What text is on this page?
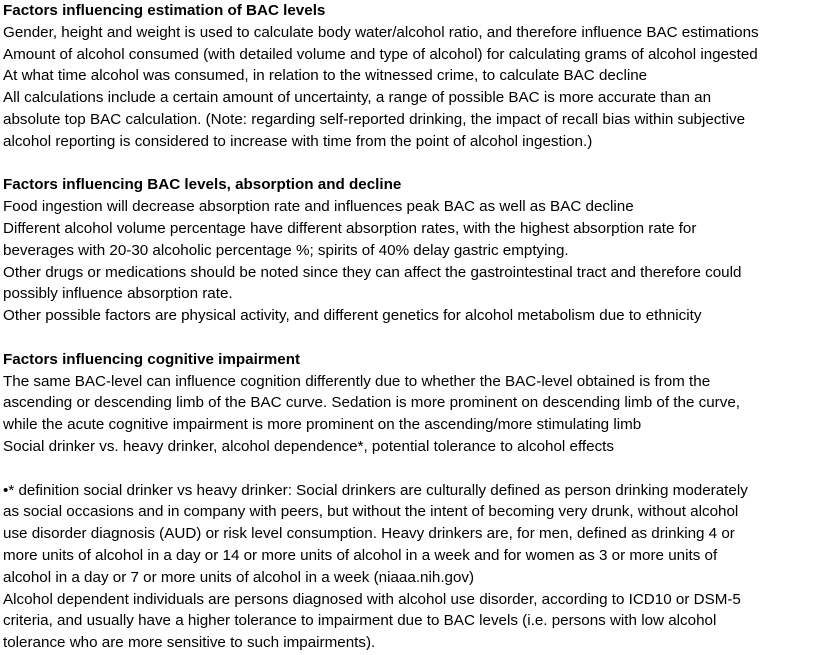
Factors influencing estimation of BAC levels

Gender, height and weight is used to calculate body water/alcohol ratio, and therefore influence BAC estimations

Amount of alcohol consumed (with detailed volume and type of alcohol) for calculating grams of alcohol ingested

At what time alcohol was consumed, in relation to the witnessed crime, to calculate BAC decline

All calculations include a certain amount of uncertainty, a range of possible BAC is more accurate than an

absolute top BAC calculation. (Note: regarding self-reported drinking, the impact of recall bias within subjective

alcohol reporting is considered to increase with time from the point of alcohol ingestion.)

Factors influencing BAC levels, absorption and decline

Food ingestion will decrease absorption rate and influences peak BAC as well as BAC decline

Different alcohol volume percentage have different absorption rates, with the highest absorption rate for

beverages with 20-30 alcoholic percentage %; spirits of 40% delay gastric emptying.

Other drugs or medications should be noted since they can affect the gastrointestinal tract and therefore could

possibly influence absorption rate.

Other possible factors are physical activity, and different genetics for alcohol metabolism due to ethnicity

Factors influencing cognitive impairment

The same BAC-level can influence cognition differently due to whether the BAC-level obtained is from the

ascending or descending limb of the BAC curve. Sedation is more prominent on descending limb of the curve,

while the acute cognitive impairment is more prominent on the ascending/more stimulating limb

Social drinker vs. heavy drinker, alcohol dependence*, potential tolerance to alcohol effects

•* definition social drinker vs heavy drinker: Social drinkers are culturally defined as person drinking moderately

as social occasions and in company with peers, but without the intent of becoming very drunk, without alcohol

use disorder diagnosis (AUD) or risk level consumption. Heavy drinkers are, for men, defined as drinking 4 or

more units of alcohol in a day or 14 or more units of alcohol in a week and for women as 3 or more units of

alcohol in a day or 7 or more units of alcohol in a week (niaaa.nih.gov)

Alcohol dependent individuals are persons diagnosed with alcohol use disorder, according to ICD10 or DSM-5

criteria, and usually have a higher tolerance to impairment due to BAC levels (i.e. persons with low alcohol

tolerance who are more sensitive to such impairments).
